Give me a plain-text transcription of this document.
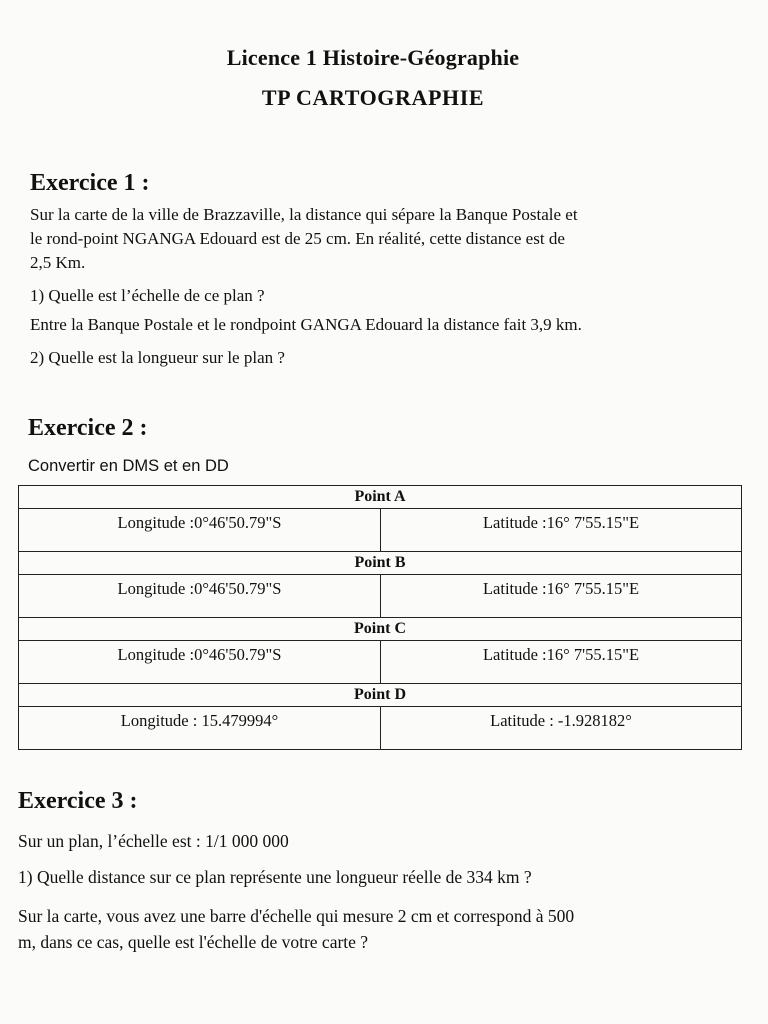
Licence 1 Histoire-Géographie
TP CARTOGRAPHIE
Exercice 1 :
Sur la carte de la ville de Brazzaville, la distance qui sépare la Banque Postale et
le rond-point NGANGA Edouard est de 25 cm. En réalité, cette distance est de
2,5 Km.

1) Quelle est l’échelle de ce plan ?

Entre la Banque Postale et le rondpoint GANGA Edouard la distance fait 3,9 km.

2) Quelle est la longueur sur le plan ?

Exercice 2 :

Convertir en DMS et en DD

Point A	
Longitude :0°46'50.79"S	Latitude :16° 7'55.15"E
Point B	
Longitude :0°46'50.79"S	Latitude :16° 7'55.15"E
Point C	
Longitude :0°46'50.79"S	Latitude :16° 7'55.15"E
Point D	
Longitude : 15.479994°	Latitude : -1.928182°
Exercice 3 :

Sur un plan, l’échelle est : 1/1 000 000

1) Quelle distance sur ce plan représente une longueur réelle de 334 km ?

Sur la carte, vous avez une barre d'échelle qui mesure 2 cm et correspond à 500
m, dans ce cas, quelle est l'échelle de votre carte ?
